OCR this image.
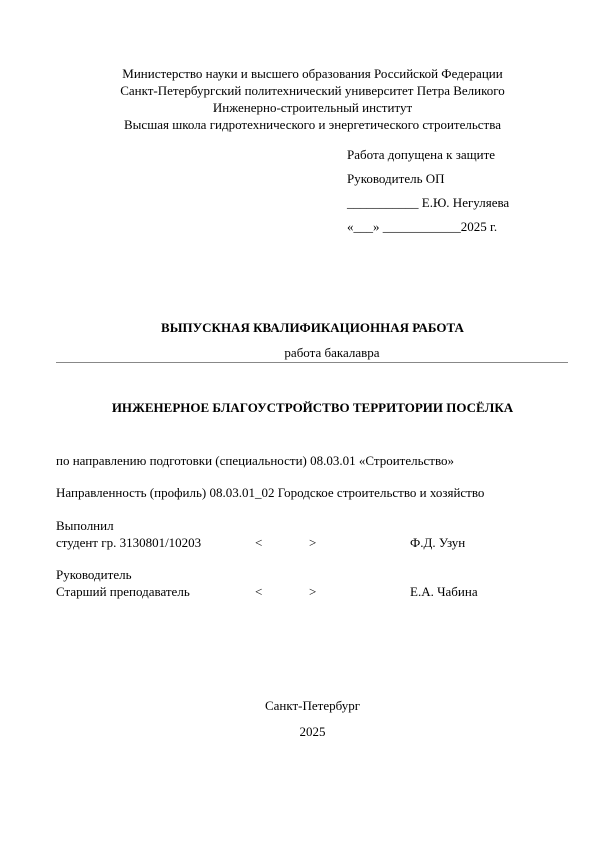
Министерство науки и высшего образования Российской Федерации
Санкт-Петербургский политехнический университет Петра Великого
Инженерно-строительный институт
Высшая школа гидротехнического и энергетического строительства
Работа допущена к защите
Руководитель ОП
___________ Е.Ю. Негуляева
«___» ____________2025 г.
ВЫПУСКНАЯ КВАЛИФИКАЦИОННАЯ РАБОТА
работа бакалавра
ИНЖЕНЕРНОЕ БЛАГОУСТРОЙСТВО ТЕРРИТОРИИ ПОСЁЛКА
по направлению подготовки (специальности) 08.03.01 «Строительство»
Направленность (профиль) 08.03.01_02 Городское строительство и хозяйство
Выполнил
студент гр. 3130801/10203	<	>	Ф.Д. Узун
Руководитель
Старший преподаватель	<	>	Е.А. Чабина
Санкт-Петербург
2025
